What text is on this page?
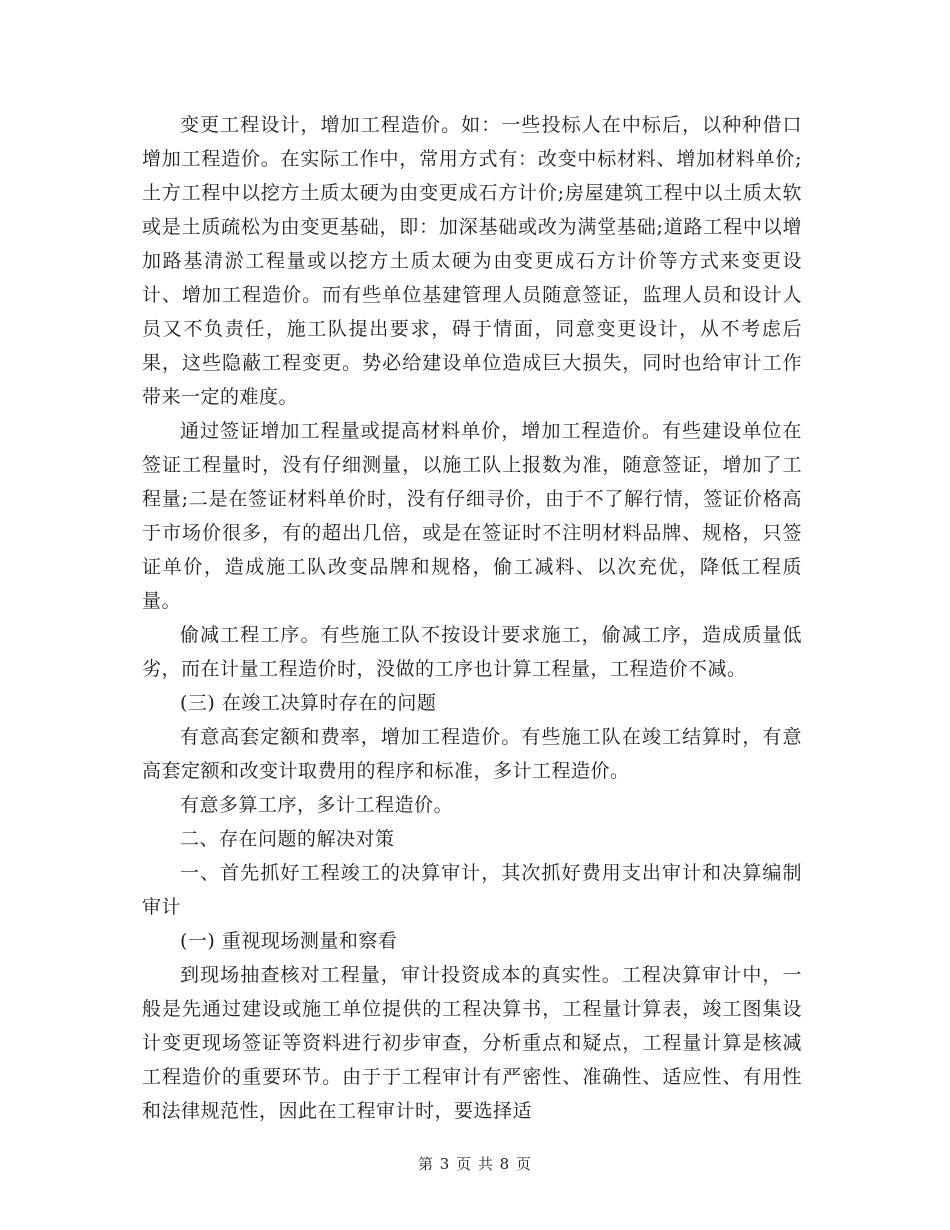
变更工程设计，增加工程造价。如：一些投标人在中标后，以种种借口增加工程造价。在实际工作中，常用方式有：改变中标材料、增加材料单价;土方工程中以挖方土质太硬为由变更成石方计价;房屋建筑工程中以土质太软或是土质疏松为由变更基础，即：加深基础或改为满堂基础;道路工程中以增加路基清淤工程量或以挖方土质太硬为由变更成石方计价等方式来变更设计、增加工程造价。而有些单位基建管理人员随意签证，监理人员和设计人员又不负责任，施工队提出要求，碍于情面，同意变更设计，从不考虑后果，这些隐蔽工程变更。势必给建设单位造成巨大损失，同时也给审计工作带来一定的难度。

通过签证增加工程量或提高材料单价，增加工程造价。有些建设单位在签证工程量时，没有仔细测量，以施工队上报数为准，随意签证，增加了工程量;二是在签证材料单价时，没有仔细寻价，由于不了解行情，签证价格高于市场价很多，有的超出几倍，或是在签证时不注明材料品牌、规格，只签证单价，造成施工队改变品牌和规格，偷工减料、以次充优，降低工程质量。

偷减工程工序。有些施工队不按设计要求施工，偷减工序，造成质量低劣，而在计量工程造价时，没做的工序也计算工程量，工程造价不减。

(三) 在竣工决算时存在的问题

有意高套定额和费率，增加工程造价。有些施工队在竣工结算时，有意高套定额和改变计取费用的程序和标准，多计工程造价。

有意多算工序，多计工程造价。

二、存在问题的解决对策

一、首先抓好工程竣工的决算审计，其次抓好费用支出审计和决算编制审计

(一) 重视现场测量和察看

到现场抽查核对工程量，审计投资成本的真实性。工程决算审计中，一般是先通过建设或施工单位提供的工程决算书，工程量计算表，竣工图集设计变更现场签证等资料进行初步审查，分析重点和疑点，工程量计算是核减工程造价的重要环节。由于于工程审计有严密性、准确性、适应性、有用性和法律规范性，因此在工程审计时，要选择适

第 3 页 共 8 页
